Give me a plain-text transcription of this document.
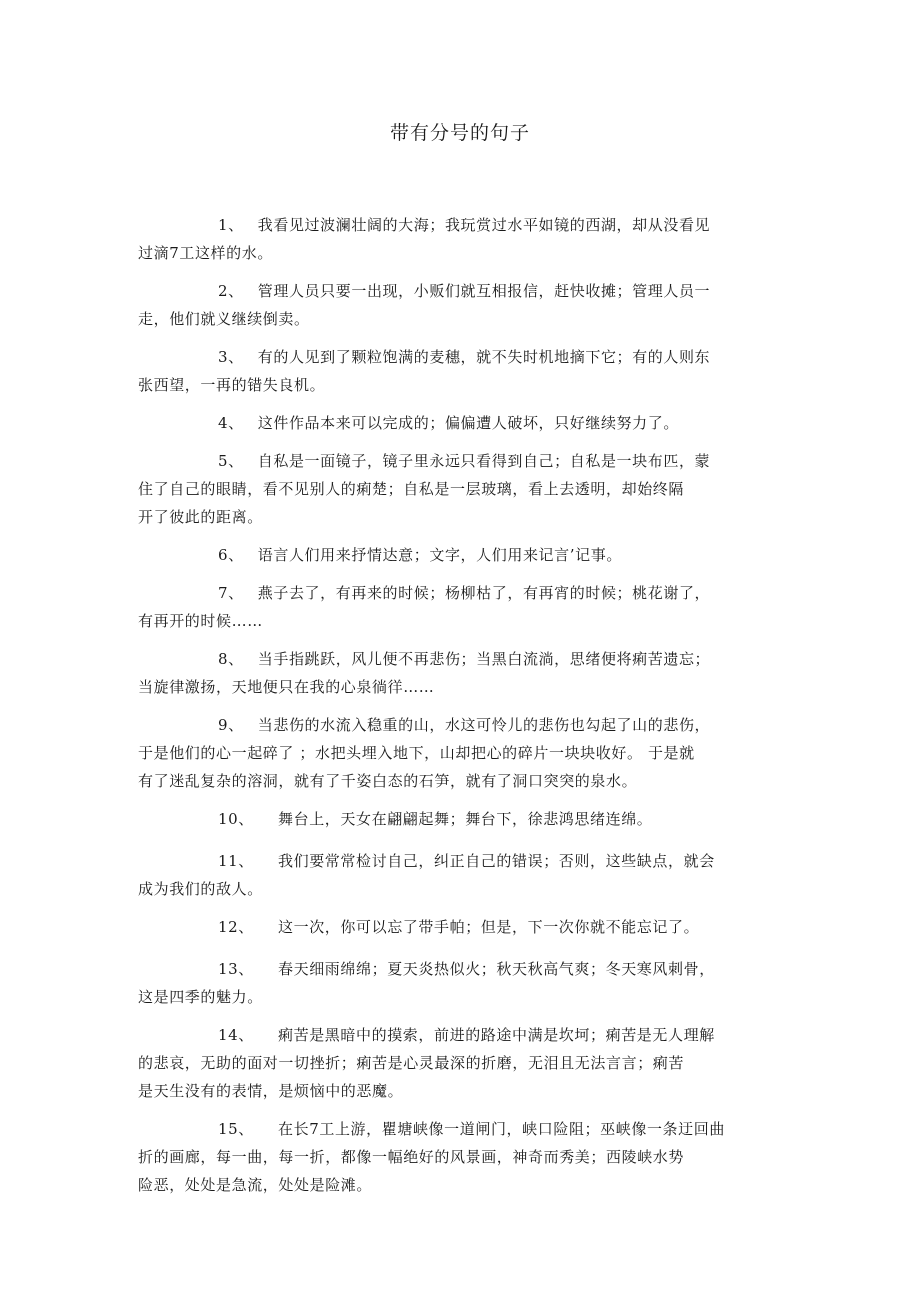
带有分号的句子
1、 我看见过波澜壮阔的大海；我玩赏过水平如镜的西湖，却从没看见
过滴7工这样的水。
2、 管理人员只要一出现，小贩们就互相报信，赶快收摊；管理人员一
走，他们就义继续倒卖。
3、 有的人见到了颗粒饱满的麦穗，就不失时机地摘下它；有的人则东
张西望，一再的错失良机。
4、 这件作品本来可以完成的；偏偏遭人破坏，只好继续努力了。
5、 自私是一面镜子，镜子里永远只看得到自己；自私是一块布匹，蒙
住了自己的眼睛，看不见别人的痢楚；自私是一层玻璃，看上去透明，却始终隔
开了彼此的距离。
6、 语言人们用来抒情达意；文字，人们用来记言’记事。
7、 燕子去了，有再来的时候；杨柳枯了，有再宵的时候；桃花谢了，
有再开的时候……
8、 当手指跳跃，风儿便不再悲伤；当黑白流淌，思绪便将痢苦遗忘；
当旋律激扬，天地便只在我的心泉徜徉……
9、 当悲伤的水流入稳重的山，水这可怜儿的悲伤也勾起了山的悲伤，
于是他们的心一起碎了 ；水把头埋入地下，山却把心的碎片一块块收好。 于是就
有了迷乱复杂的溶洞，就有了千姿白态的石笋，就有了洞口突突的泉水。
10、 舞台上，天女在翩翩起舞；舞台下，徐悲鸿思绪连绵。
11、 我们要常常检讨自己，纠正自己的错误；否则，这些缺点，就会
成为我们的敌人。
12、 这一次，你可以忘了带手帕；但是，下一次你就不能忘记了。
13、 春天细雨绵绵；夏天炎热似火；秋天秋高气爽；冬天寒风刺骨，
这是四季的魅力。
14、 痢苦是黑暗中的摸索，前进的路途中满是坎坷；痢苦是无人理解
的悲哀，无助的面对一切挫折；痢苦是心灵最深的折磨，无泪且无法言言；痢苦
是天生没有的表情，是烦恼中的恶魔。
15、 在长7工上游，瞿塘峡像一道闸门，峡口险阻；巫峡像一条迂回曲
折的画廊，每一曲，每一折，都像一幅绝好的风景画，神奇而秀美；西陵峡水势
险恶，处处是急流，处处是险滩。
